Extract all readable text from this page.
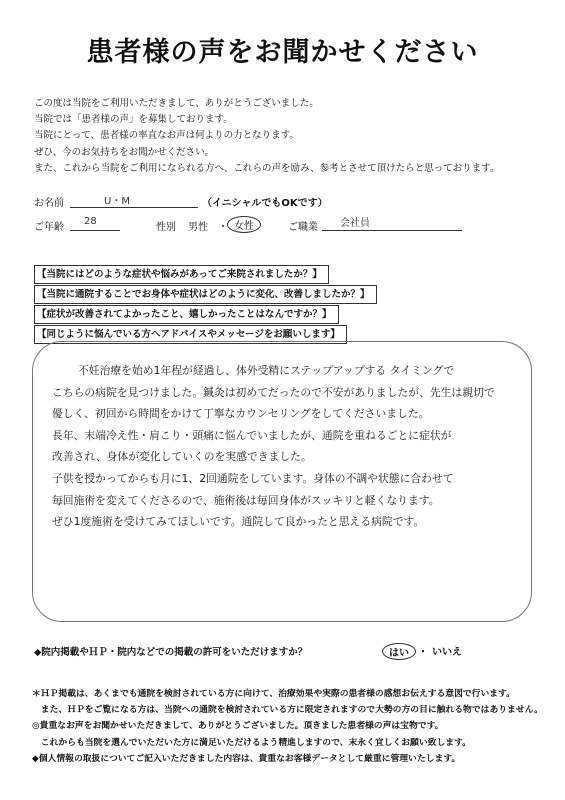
患者様の声をお聞かせください
この度は当院をご利用いただきまして、ありがとうございました。
当院では「患者様の声」を募集しております。
当院にとって、患者様の率直なお声は何よりの力となります。
ぜひ、今のお気持ちをお聞かせください。
また、これから当院をご利用になられる方へ、これらの声を励み、参考とさせて頂けたらと思っております。
お名前	U・M	（イニシャルでもOKです）
ご年齢
28
性別 男性 ・ 女性	ご職業 会社員
【当院にはどのような症状や悩みがあってご来院されましたか？】
【当院に通院することでお身体や症状はどのように変化、改善しましたか？】
【症状が改善されてよかったこと、嬉しかったことはなんですか？】
【同じように悩んでいる方へアドバイスやメッセージをお願いします】
不妊治療を始め1年程が経過し、体外受精にステップアップする タイミングで
こちらの病院を見つけました。鍼灸は初めてだったので不安がありましたが、先生は親切で
優しく、初回から時間をかけて丁寧なカウンセリングをしてくださいました。
長年、末端冷え性・肩こり・頭痛に悩んでいましたが、通院を重ねるごとに症状が
改善され、身体が変化していくのを実感できました。
子供を授かってからも月に1、2回通院をしています。身体の不調や状態に合わせて
毎回施術を変えてくださるので、施術後は毎回身体がスッキリと軽くなります。
ぜひ1度施術を受けてみてほしいです。通院して良かったと思える病院です。
◆院内掲載やＨＰ・院内などでの掲載の許可をいただけますか？	はい ・ いいえ
＊ＨＰ掲載は、あくまでも通院を検討されている方に向けて、治療効果や実際の患者様の感想お伝えする意図で行います。
　また、ＨＰをご覧になる方は、当院への通院を検討されている方に限定されますので大勢の方の目に触れる物ではありません。
◎貴重なお声をお聞かせいただきまして、ありがとうございました。頂きました患者様の声は宝物です。
　これからも当院を選んでいただいた方に満足いただけるよう精進しますので、末永く宜しくお願い致します。
◆個人情報の取扱についてご記入いただきました内容は、貴重なお客様データとして厳重に管理いたします。
